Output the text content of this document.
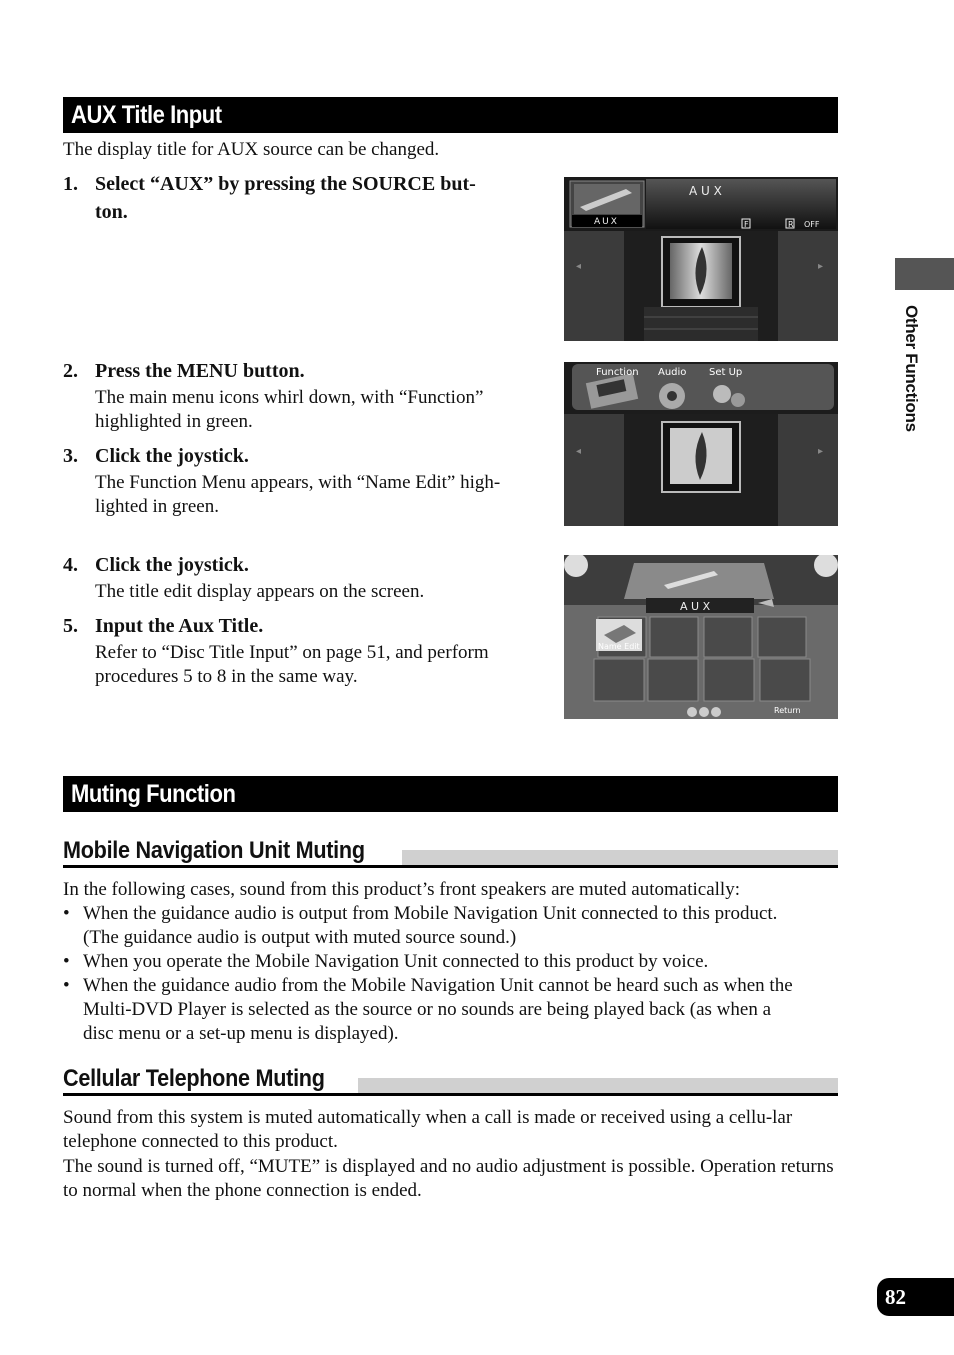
AUX Title Input
The display title for AUX source can be changed.
1. Select “AUX” by pressing the SOURCE but-
ton.
2. Press the MENU button.
The main menu icons whirl down, with “Function” highlighted in green.
3. Click the joystick.
The Function Menu appears, with “Name Edit” high-lighted in green.
4. Click the joystick.
The title edit display appears on the screen.
5. Input the Aux Title.
Refer to “Disc Title Input” on page 51, and perform procedures 5 to 8 in the same way.
◂	▸
AUX
A U X
F	R OFF
◂	▸
Function Audio Set Up
A U X
Name Edit
Return
Muting Function
Mobile Navigation Unit Muting
In the following cases, sound from this product’s front speakers are muted automatically:
• When the guidance audio is output from Mobile Navigation Unit connected to this product. (The guidance audio is output with muted source sound.)
• When you operate the Mobile Navigation Unit connected to this product by voice.
• When the guidance audio from the Mobile Navigation Unit cannot be heard such as when the Multi-DVD Player is selected as the source or no sounds are being played back (as when a disc menu or a set-up menu is displayed).
Cellular Telephone Muting
Sound from this system is muted automatically when a call is made or received using a cellu-lar telephone connected to this product.
The sound is turned off, “MUTE” is displayed and no audio adjustment is possible. Operation returns to normal when the phone connection is ended.
Other Functions
82
